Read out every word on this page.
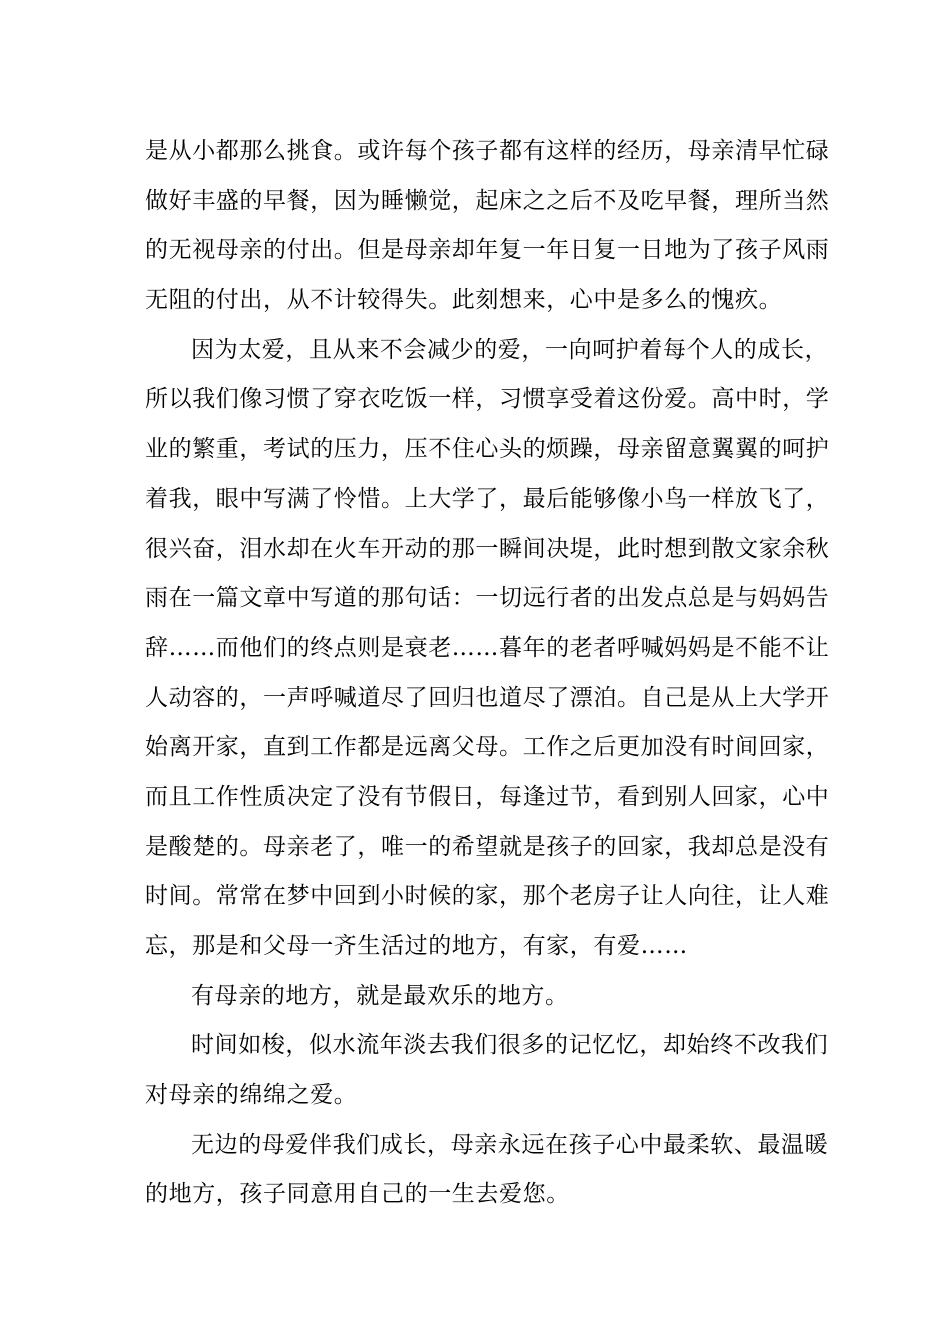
是从小都那么挑食。或许每个孩子都有这样的经历，母亲清早忙碌
做好丰盛的早餐，因为睡懒觉，起床之之后不及吃早餐，理所当然
的无视母亲的付出。但是母亲却年复一年日复一日地为了孩子风雨
无阻的付出，从不计较得失。此刻想来，心中是多么的愧疚。
因为太爱，且从来不会减少的爱，一向呵护着每个人的成长，
所以我们像习惯了穿衣吃饭一样，习惯享受着这份爱。高中时，学
业的繁重，考试的压力，压不住心头的烦躁，母亲留意翼翼的呵护
着我，眼中写满了怜惜。上大学了，最后能够像小鸟一样放飞了，
很兴奋，泪水却在火车开动的那一瞬间决堤，此时想到散文家余秋
雨在一篇文章中写道的那句话：一切远行者的出发点总是与妈妈告
辞……而他们的终点则是衰老……暮年的老者呼喊妈妈是不能不让
人动容的，一声呼喊道尽了回归也道尽了漂泊。自己是从上大学开
始离开家，直到工作都是远离父母。工作之后更加没有时间回家，
而且工作性质决定了没有节假日，每逢过节，看到别人回家，心中
是酸楚的。母亲老了，唯一的希望就是孩子的回家，我却总是没有
时间。常常在梦中回到小时候的家，那个老房子让人向往，让人难
忘，那是和父母一齐生活过的地方，有家，有爱……
有母亲的地方，就是最欢乐的地方。
时间如梭，似水流年淡去我们很多的记忆忆，却始终不改我们
对母亲的绵绵之爱。
无边的母爱伴我们成长，母亲永远在孩子心中最柔软、最温暖
的地方，孩子同意用自己的一生去爱您。
